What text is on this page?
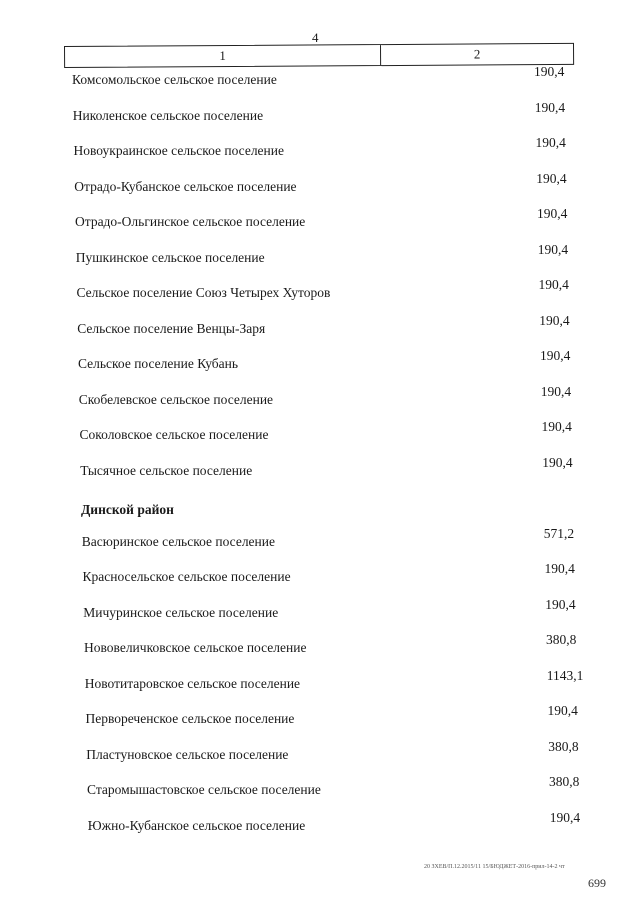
4
1	2
Комсомольское сельское поселение
190,4
Николенское сельское поселение
190,4
Новоукраинское сельское поселение
190,4
Отрадо-Кубанское сельское поселение
190,4
Отрадо-Ольгинское сельское поселение
190,4
Пушкинское сельское поселение
190,4
Сельское поселение Союз Четырех Хуторов
190,4
Сельское поселение Венцы-Заря
190,4
Сельское поселение Кубань
190,4
Скобелевское сельское поселение
190,4
Соколовское сельское поселение
190,4
Тысячное сельское поселение
190,4
Динской район
Васюринское сельское поселение
571,2
Красносельское сельское поселение
190,4
Мичуринское сельское поселение
190,4
Нововеличковское сельское поселение
380,8
Новотитаровское сельское поселение
1143,1
Первореченское сельское поселение
190,4
Пластуновское сельское поселение
380,8
Старомышастовское сельское поселение
380,8
Южно-Кубанское сельское поселение
190,4
20 ЗХЕВ/П.12.2015/11 15/БЮДЖЕТ-2016-прил-14-2 чт
699
